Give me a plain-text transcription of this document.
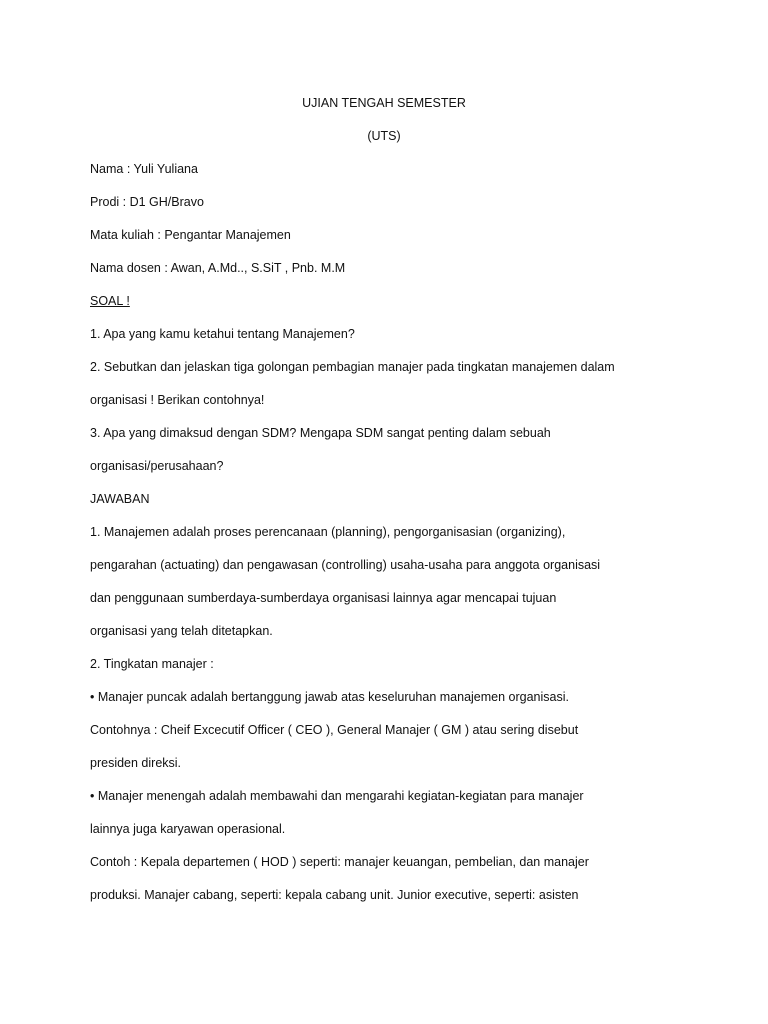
UJIAN TENGAH SEMESTER
(UTS)
Nama : Yuli Yuliana
Prodi : D1 GH/Bravo
Mata kuliah : Pengantar Manajemen
Nama dosen : Awan, A.Md.., S.SiT , Pnb. M.M
SOAL !
1. Apa yang kamu ketahui tentang Manajemen?
2. Sebutkan dan jelaskan tiga golongan pembagian manajer pada tingkatan manajemen dalam
organisasi ! Berikan contohnya!
3. Apa yang dimaksud dengan SDM? Mengapa SDM sangat penting dalam sebuah
organisasi/perusahaan?
JAWABAN
1. Manajemen adalah proses perencanaan (planning), pengorganisasian (organizing),
pengarahan (actuating) dan pengawasan (controlling) usaha-usaha para anggota organisasi
dan penggunaan sumberdaya-sumberdaya organisasi lainnya agar mencapai tujuan
organisasi yang telah ditetapkan.
2. Tingkatan manajer :
• Manajer puncak adalah bertanggung jawab atas keseluruhan manajemen organisasi.
Contohnya : Cheif Excecutif Officer ( CEO ), General Manajer ( GM ) atau sering disebut
presiden direksi.
• Manajer menengah adalah membawahi dan mengarahi kegiatan-kegiatan para manajer
lainnya juga karyawan operasional.
Contoh : Kepala departemen ( HOD ) seperti: manajer keuangan, pembelian, dan manajer
produksi. Manajer cabang, seperti: kepala cabang unit. Junior executive, seperti: asisten
